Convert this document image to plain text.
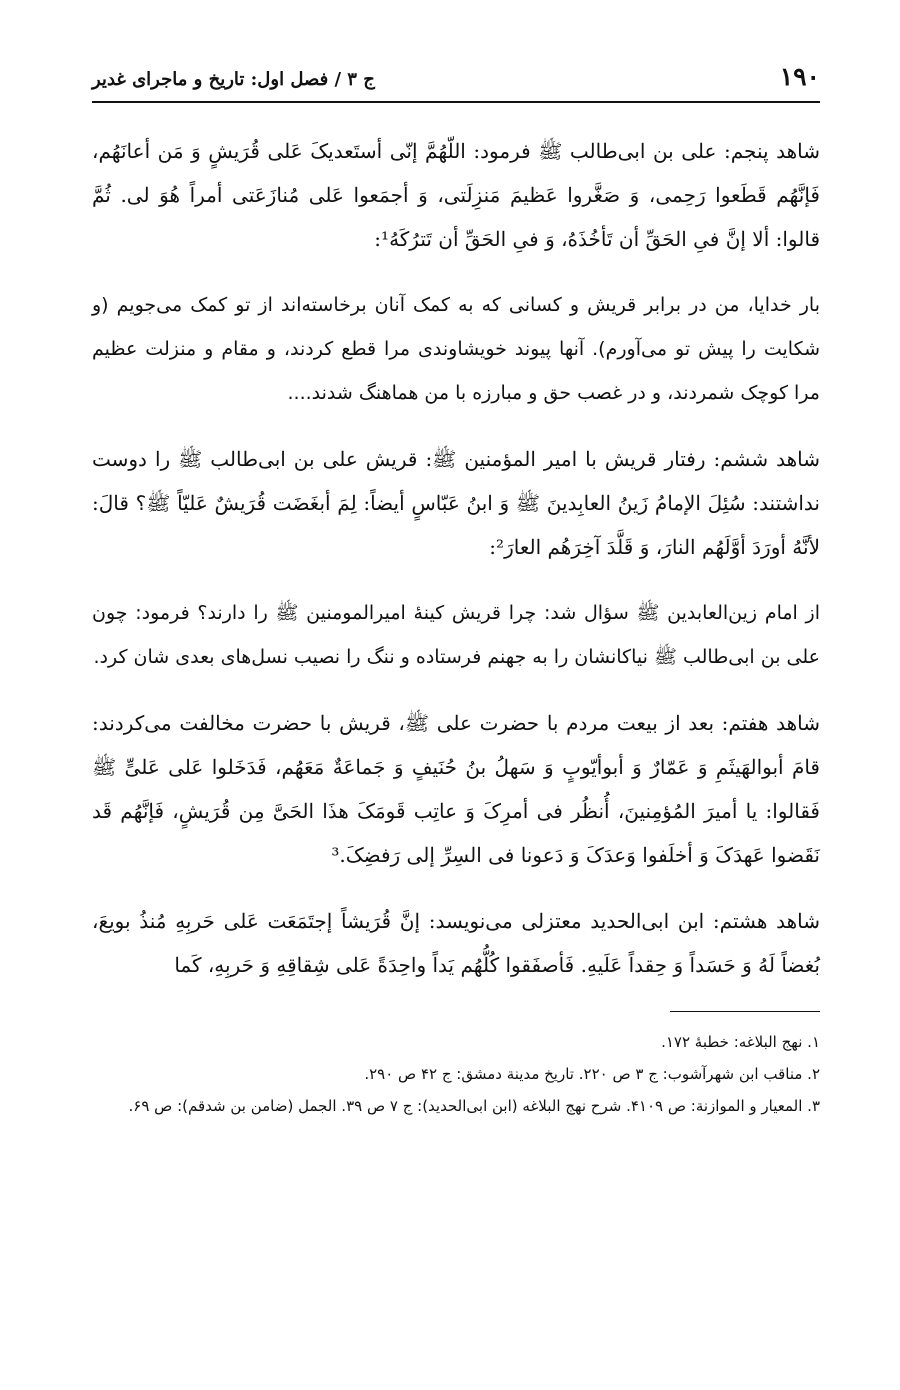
۱۹۰
ج ۳ / فصل اول: تاریخ و ماجرای غدیر

شاهد پنجم: علی بن ابی‌طالب ﷺ فرمود: اللّهُمَّ إنّی أستَعدیکَ عَلی قُرَیشٍ وَ مَن أعانَهُم، فَإنَّهُم قَطَعوا رَحِمی، وَ صَغَّروا عَظیمَ مَنزِلَتی، وَ أجمَعوا عَلی مُنازَعَتی أمراً هُوَ لی. ثُمَّ قالوا: ألا إنَّ فیِ الحَقِّ أن تَأخُذَهُ، وَ فیِ الحَقِّ أن تَترُکَهُ¹:

بار خدایا، من در برابر قریش و کسانی که به کمک آنان برخاسته‌اند از تو کمک می‌جویم (و شکایت را پیش تو می‌آورم). آنها پیوند خویشاوندی مرا قطع کردند، و مقام و منزلت عظیم مرا کوچک شمردند، و در غصب حق و مبارزه با من هماهنگ شدند....

شاهد ششم: رفتار قریش با امیر المؤمنین ﷺ: قریش علی بن ابی‌طالب ﷺ را دوست نداشتند: سُئِلَ الإمامُ زَینُ العابِدینَ ﷺ وَ ابنُ عَبّاسٍ أیضاً: لِمَ أبغَضَت قُرَیشٌ عَلیّاً ﷺ؟ قالَ: لأنَّهُ أورَدَ أوَّلَهُم النارَ، وَ قَلَّدَ آخِرَهُم العارَ²:

از امام زین‌العابدین ﷺ سؤال شد: چرا قریش کینهٔ امیرالمومنین ﷺ را دارند؟ فرمود: چون علی بن ابی‌طالب ﷺ نیاکانشان را به جهنم فرستاده و ننگ را نصیب نسل‌های بعدی شان کرد.

شاهد هفتم: بعد از بیعت مردم با حضرت علی ﷺ، قریش با حضرت مخالفت می‌کردند: قامَ أبوالهَیثَمِ وَ عَمّارٌ وَ أبوأیّوبٍ وَ سَهلُ بنُ حُنَیفٍ وَ جَماعَةٌ مَعَهُم، فَدَخَلوا عَلی عَلیٍّ ﷺ فَقالوا: یا أمیرَ المُؤمِنینَ، أُنظُر فی أمرِکَ وَ عاتِب قَومَکَ هذَا الحَیَّ مِن قُرَیشٍ، فَإنَّهُم قَد نَقَضوا عَهدَکَ وَ أخلَفوا وَعدَکَ وَ دَعونا فی السِرِّ إلی رَفضِکَ.³

شاهد هشتم: ابن ابی‌الحدید معتزلی می‌نویسد: إنَّ قُرَیشاً إجتَمَعَت عَلی حَربِهِ مُنذُ بویعَ، بُغضاً لَهُ وَ حَسَداً وَ حِقداً عَلَیهِ. فَأصفَقوا کُلُّهُم یَداً واحِدَةً عَلی شِقاقِهِ وَ حَربِهِ، کَما

۱. نهج البلاغه: خطبهٔ ۱۷۲.

۲. مناقب ابن شهرآشوب: ج ۳ ص ۲۲۰. تاریخ مدینة دمشق: ج ۴۲ ص ۲۹۰.

۳. المعیار و الموازنة: ص ۴۱۰۹. شرح نهج البلاغه (ابن ابی‌الحدید): ج ۷ ص ۳۹. الجمل (ضامن بن شدقم): ص ۶۹.
